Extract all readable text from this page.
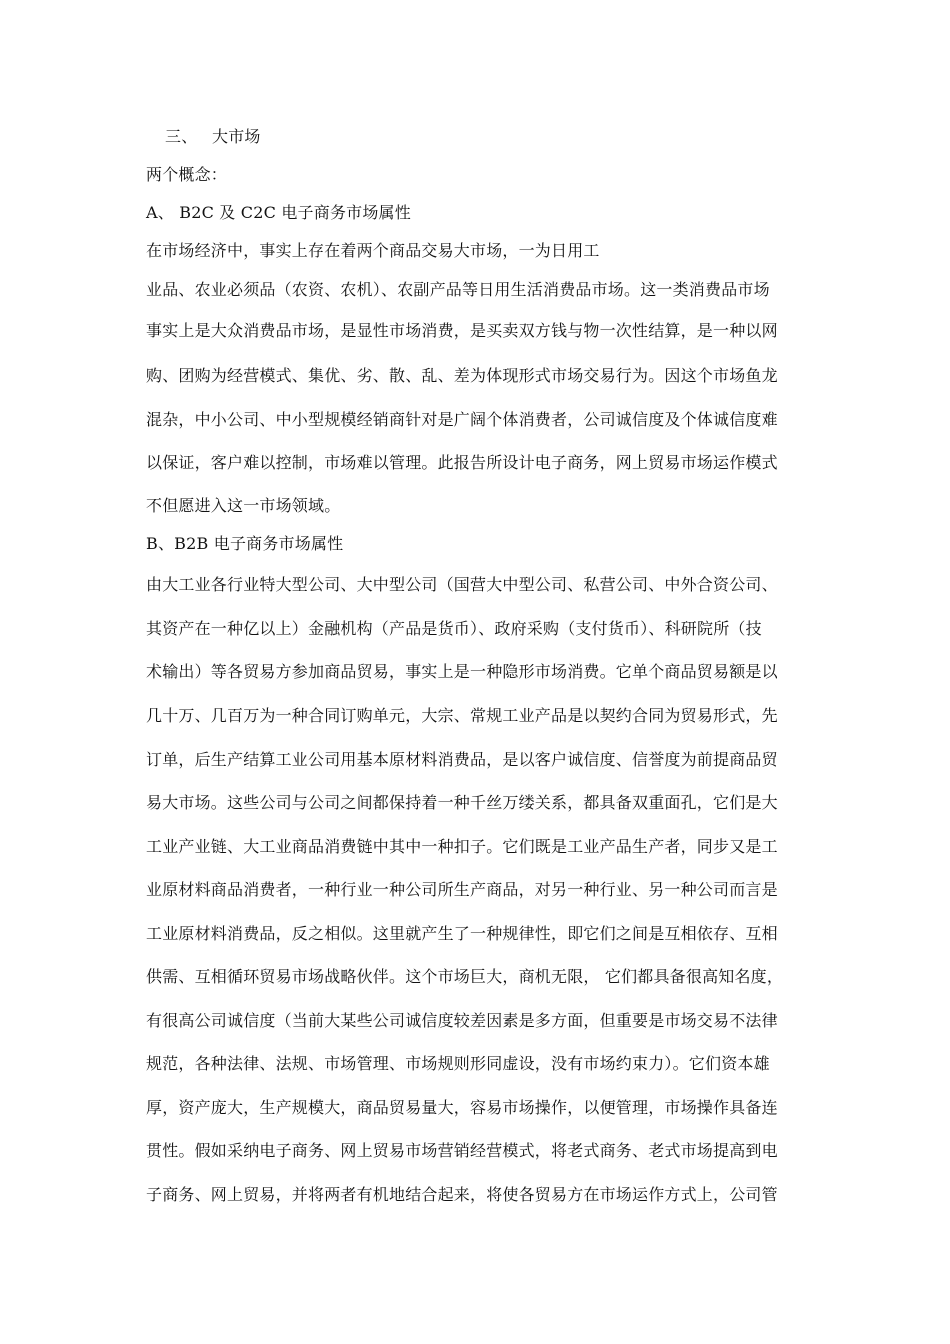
三、 大市场
两个概念：
A、 B2C 及 C2C 电子商务市场属性
在市场经济中，事实上存在着两个商品交易大市场，一为日用工
业品、农业必须品（农资、农机）、农副产品等日用生活消费品市场。这一类消费品市场
事实上是大众消费品市场，是显性市场消费，是买卖双方钱与物一次性结算，是一种以网
购、团购为经营模式、集优、劣、散、乱、差为体现形式市场交易行为。因这个市场鱼龙
混杂，中小公司、中小型规模经销商针对是广阔个体消费者，公司诚信度及个体诚信度难
以保证，客户难以控制，市场难以管理。此报告所设计电子商务，网上贸易市场运作模式
不但愿进入这一市场领域。
B、B2B 电子商务市场属性
由大工业各行业特大型公司、大中型公司（国营大中型公司、私营公司、中外合资公司、
其资产在一种亿以上）金融机构（产品是货币）、政府采购（支付货币）、科研院所（技
术输出）等各贸易方参加商品贸易，事实上是一种隐形市场消费。它单个商品贸易额是以
几十万、几百万为一种合同订购单元，大宗、常规工业产品是以契约合同为贸易形式，先
订单，后生产结算工业公司用基本原材料消费品，是以客户诚信度、信誉度为前提商品贸
易大市场。这些公司与公司之间都保持着一种千丝万缕关系，都具备双重面孔，它们是大
工业产业链、大工业商品消费链中其中一种扣子。它们既是工业产品生产者，同步又是工
业原材料商品消费者，一种行业一种公司所生产商品，对另一种行业、另一种公司而言是
工业原材料消费品，反之相似。这里就产生了一种规律性，即它们之间是互相依存、互相
供需、互相循环贸易市场战略伙伴。这个市场巨大，商机无限， 它们都具备很高知名度，
有很高公司诚信度（当前大某些公司诚信度较差因素是多方面，但重要是市场交易不法律
规范，各种法律、法规、市场管理、市场规则形同虚设，没有市场约束力）。它们资本雄
厚，资产庞大，生产规模大，商品贸易量大，容易市场操作，以便管理，市场操作具备连
贯性。假如采纳电子商务、网上贸易市场营销经营模式，将老式商务、老式市场提高到电
子商务、网上贸易，并将两者有机地结合起来，将使各贸易方在市场运作方式上，公司管
